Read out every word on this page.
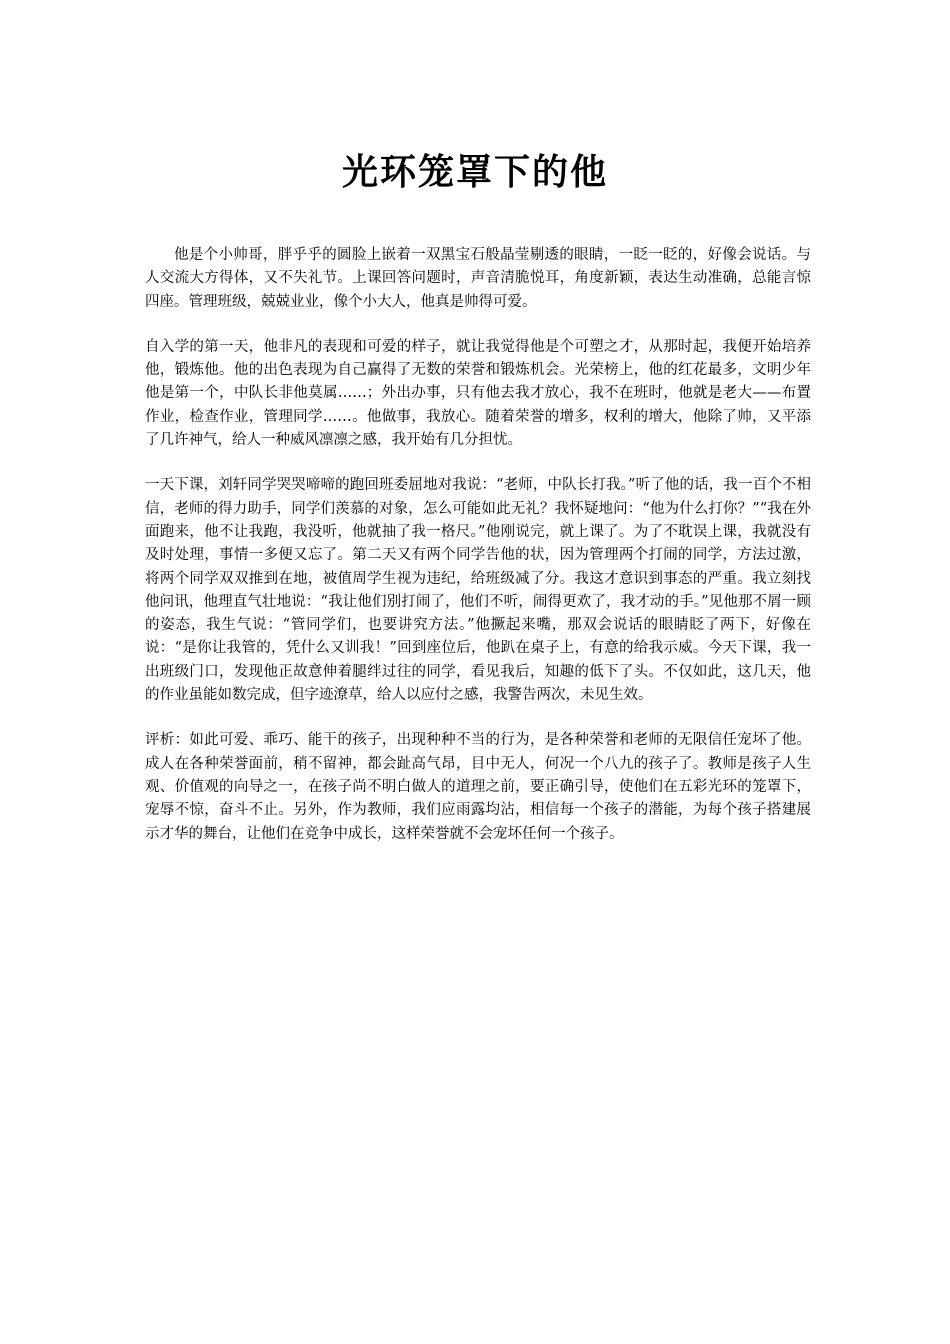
光环笼罩下的他

他是个小帅哥，胖乎乎的圆脸上嵌着一双黑宝石般晶莹剔透的眼睛，一眨一眨的，好像会说话。与人交流大方得体，又不失礼节。上课回答问题时，声音清脆悦耳，角度新颖，表达生动准确，总能言惊四座。管理班级，兢兢业业，像个小大人，他真是帅得可爱。

自入学的第一天，他非凡的表现和可爱的样子，就让我觉得他是个可塑之才，从那时起，我便开始培养他，锻炼他。他的出色表现为自己赢得了无数的荣誉和锻炼机会。光荣榜上，他的红花最多，文明少年他是第一个，中队长非他莫属……；外出办事，只有他去我才放心，我不在班时，他就是老大——布置作业，检查作业，管理同学……。他做事，我放心。随着荣誉的增多，权利的增大，他除了帅，又平添了几许神气，给人一种威风凛凛之感，我开始有几分担忧。

一天下课，刘轩同学哭哭啼啼的跑回班委屈地对我说：“老师，中队长打我。”听了他的话，我一百个不相信，老师的得力助手，同学们羡慕的对象，怎么可能如此无礼？我怀疑地问：“他为什么打你？”“我在外面跑来，他不让我跑，我没听，他就抽了我一格尺。”他刚说完，就上课了。为了不耽误上课，我就没有及时处理，事情一多便又忘了。第二天又有两个同学告他的状，因为管理两个打闹的同学，方法过激，将两个同学双双推到在地，被值周学生视为违纪，给班级减了分。我这才意识到事态的严重。我立刻找他问讯，他理直气壮地说：“我让他们别打闹了，他们不听，闹得更欢了，我才动的手。”见他那不屑一顾的姿态，我生气说：“管同学们，也要讲究方法。”他撅起来嘴，那双会说话的眼睛眨了两下，好像在说：“是你让我管的，凭什么又训我！”回到座位后，他趴在桌子上，有意的给我示威。今天下课，我一出班级门口，发现他正故意伸着腿绊过往的同学，看见我后，知趣的低下了头。不仅如此，这几天，他的作业虽能如数完成，但字迹潦草，给人以应付之感，我警告两次，未见生效。

评析：如此可爱、乖巧、能干的孩子，出现种种不当的行为，是各种荣誉和老师的无限信任宠坏了他。成人在各种荣誉面前，稍不留神，都会趾高气昂，目中无人，何况一个八九的孩子了。教师是孩子人生观、价值观的向导之一，在孩子尚不明白做人的道理之前，要正确引导，使他们在五彩光环的笼罩下，宠辱不惊，奋斗不止。另外，作为教师，我们应雨露均沾，相信每一个孩子的潜能，为每个孩子搭建展示才华的舞台，让他们在竞争中成长，这样荣誉就不会宠坏任何一个孩子。
